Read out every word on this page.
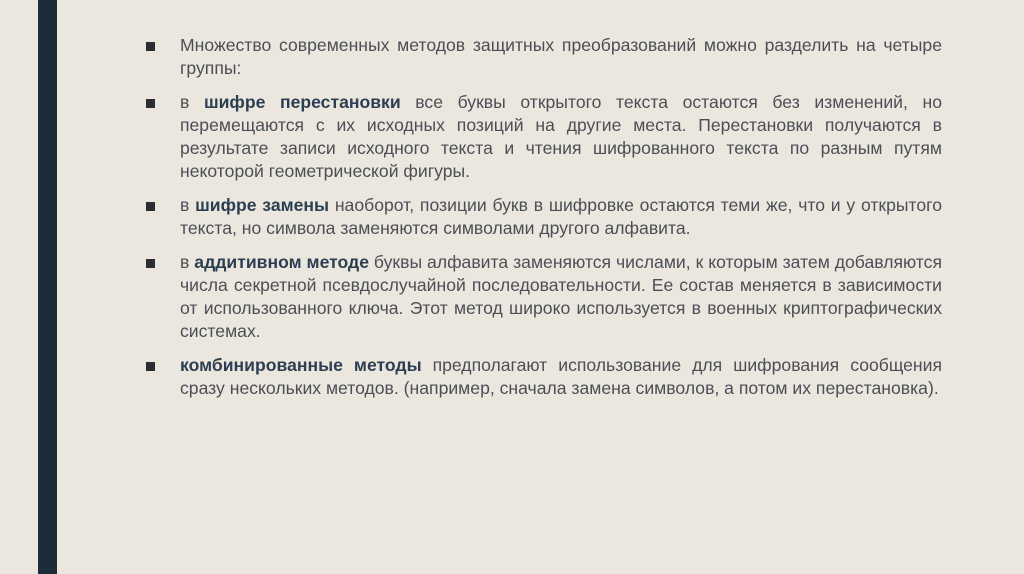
Множество современных методов защитных преобразований можно разделить на четыре группы:
в шифре перестановки все буквы открытого текста остаются без изменений, но перемещаются с их исходных позиций на другие места. Перестановки получаются в результате записи исходного текста и чтения шифрованного текста по разным путям некоторой геометрической фигуры.
в шифре замены наоборот, позиции букв в шифровке остаются теми же, что и у открытого текста, но символа заменяются символами другого алфавита.
в аддитивном методе буквы алфавита заменяются числами, к которым затем добавляются числа секретной псевдослучайной последовательности. Ее состав меняется в зависимости от использованного ключа. Этот метод широко используется в военных криптографических системах.
комбинированные методы предполагают использование для шифрования сообщения сразу нескольких методов. (например, сначала замена символов, а потом их перестановка).
